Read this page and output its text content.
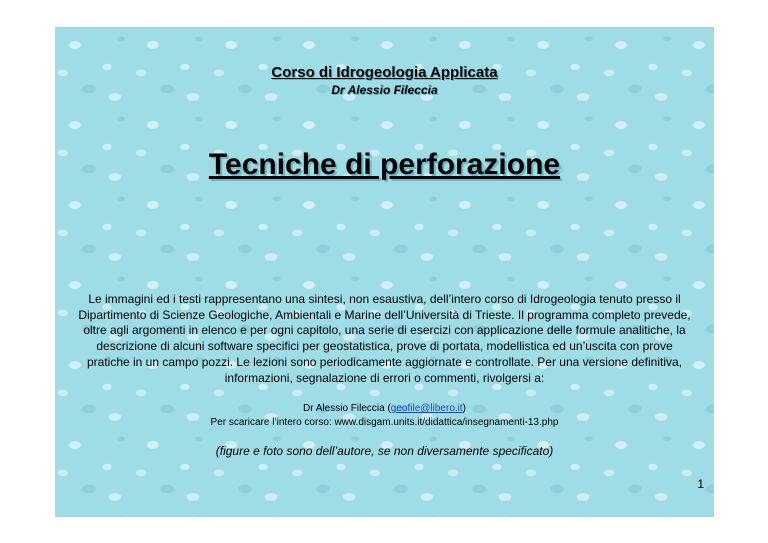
Corso di Idrogeologia Applicata
Dr Alessio Fileccia
Tecniche di perforazione
Le immagini ed i testi rappresentano una sintesi, non esaustiva, dell’intero corso di Idrogeologia tenuto presso il Dipartimento di Scienze Geologiche, Ambientali e Marine dell’Università di Trieste. Il programma completo prevede, oltre agli argomenti in elenco e per ogni capitolo, una serie di esercizi con applicazione delle formule analitiche, la descrizione di alcuni software specifici per geostatistica, prove di portata, modellistica ed un’uscita con prove pratiche in un campo pozzi. Le lezioni sono periodicamente aggiornate e controllate. Per una versione definitiva, informazioni, segnalazione di errori o commenti, rivolgersi a:
Dr Alessio Fileccia (geofile@libero.it)
Per scaricare l’intero corso: www.disgam.units.it/didattica/insegnamenti-13.php
(figure e foto sono dell’autore, se non diversamente specificato)
1
